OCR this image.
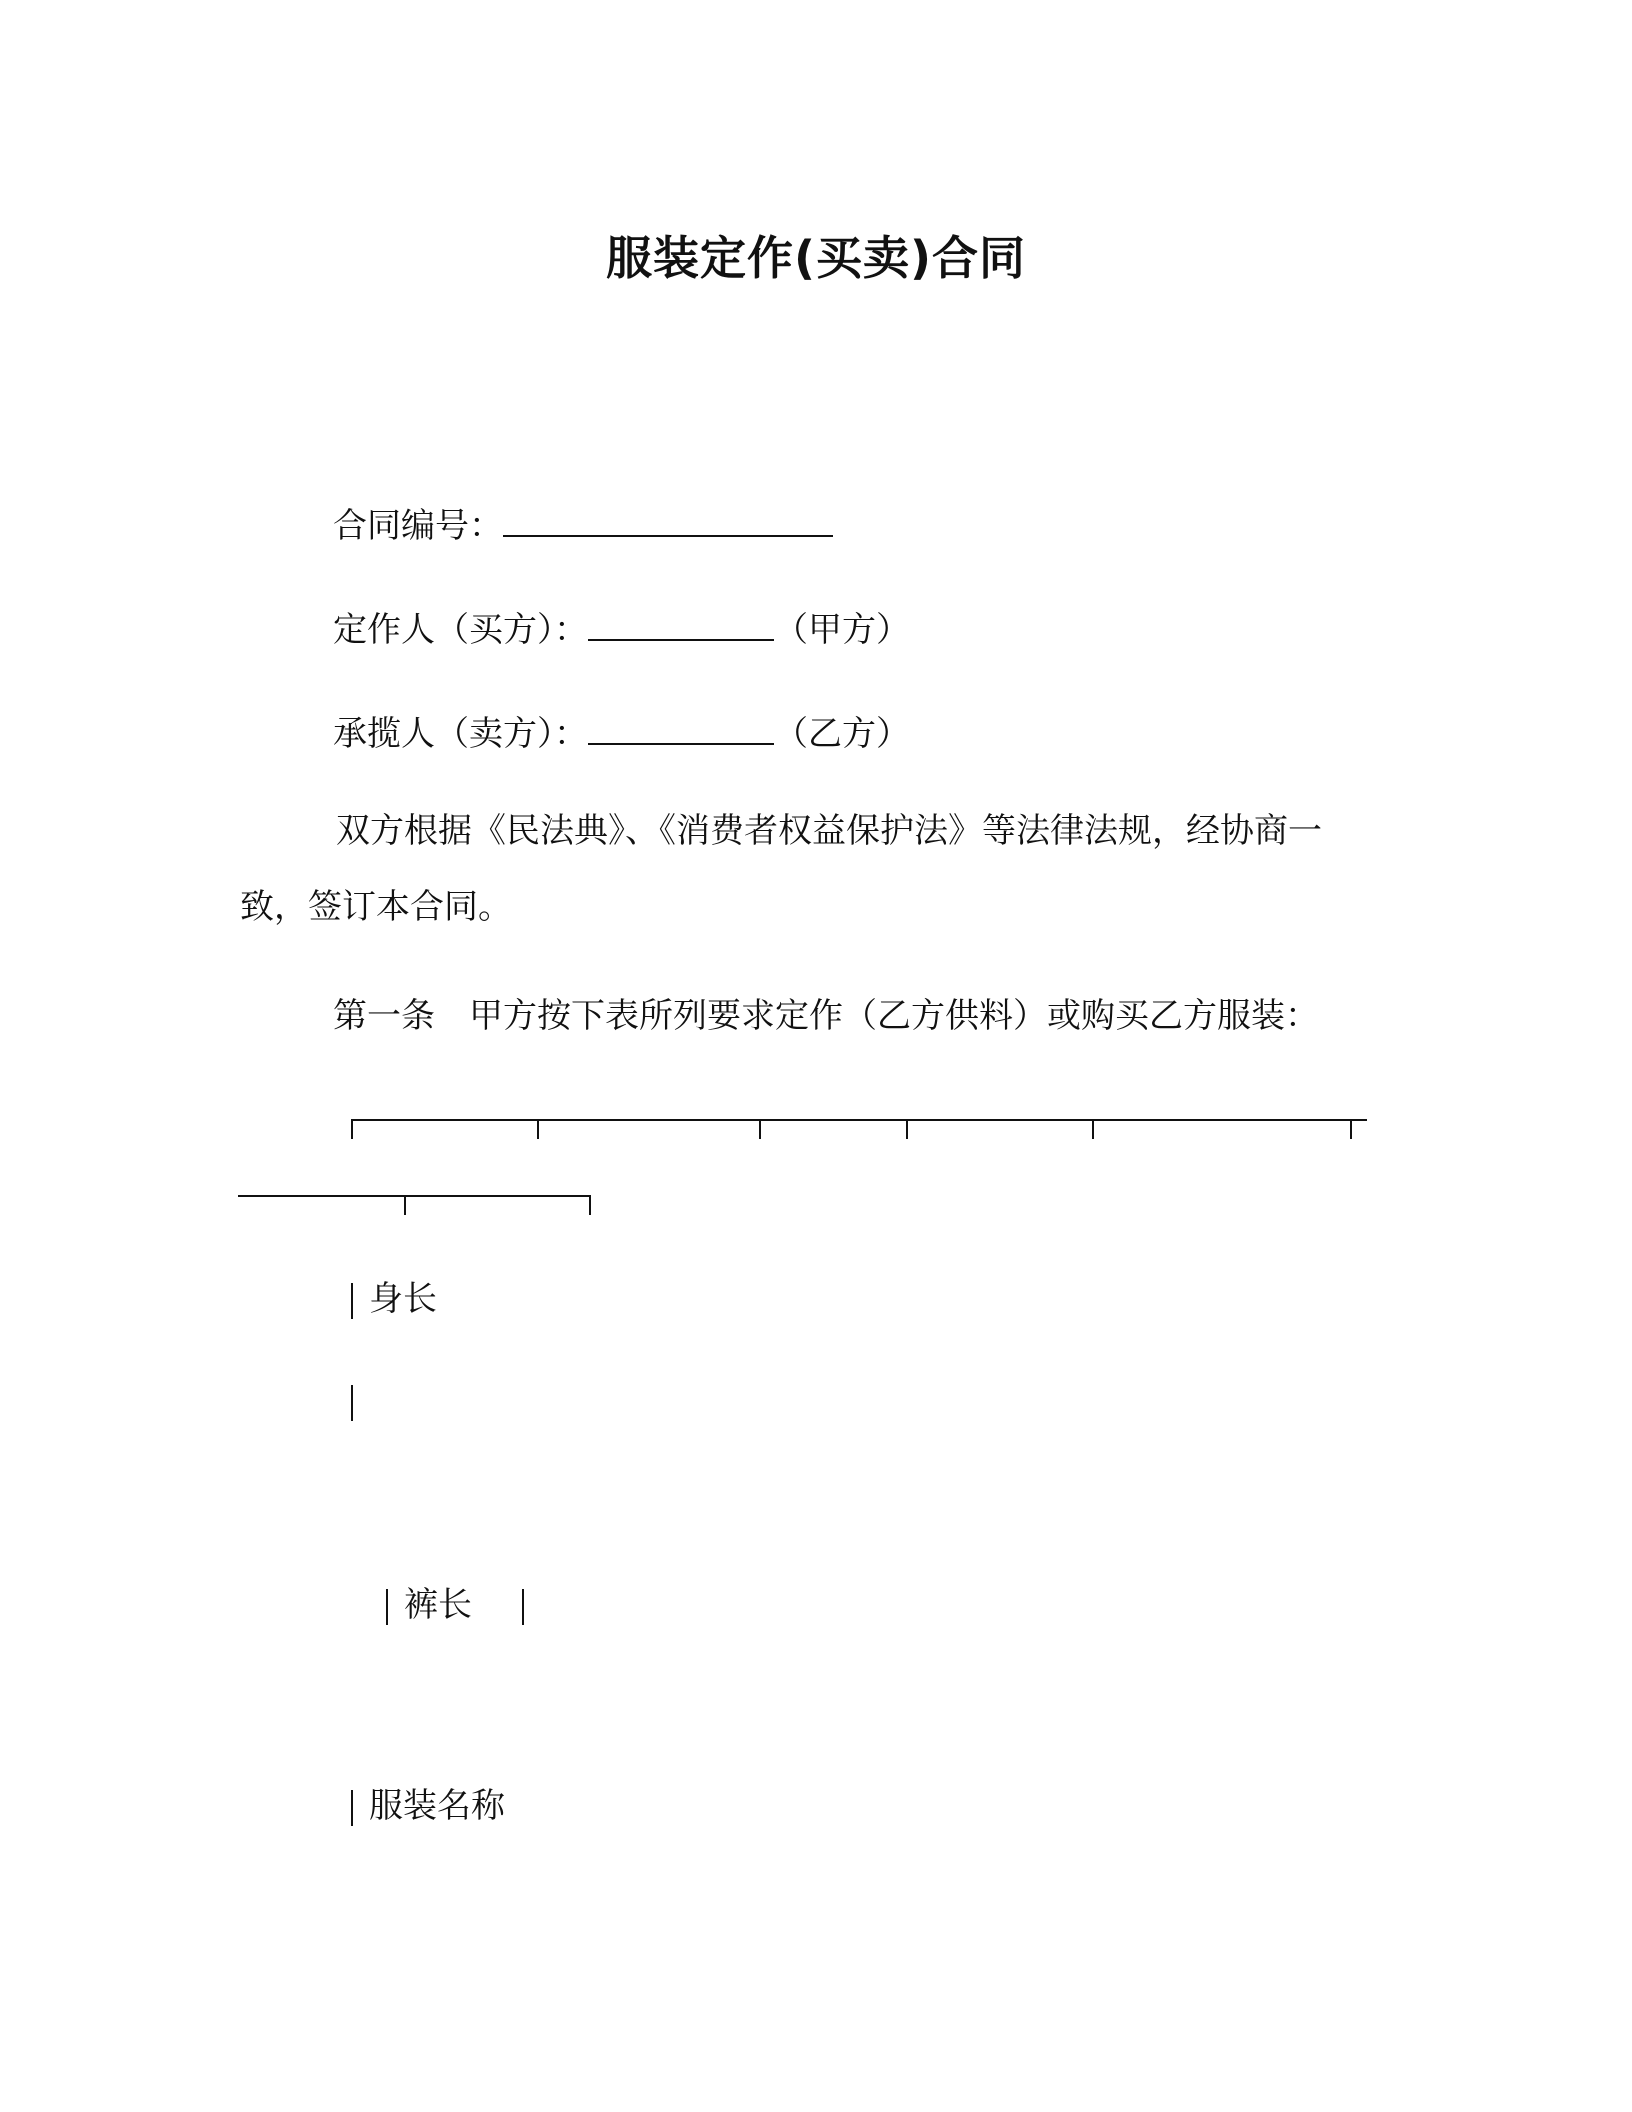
服装定作(买卖)合同
合同编号：
定作人（买方）：	（甲方）
承揽人（卖方）：	（乙方）
双方根据《民法典》、《消费者权益保护法》等法律法规，经协商一致，签订本合同。
第一条　甲方按下表所列要求定作（乙方供料）或购买乙方服装：
身长
裤长
服装名称
